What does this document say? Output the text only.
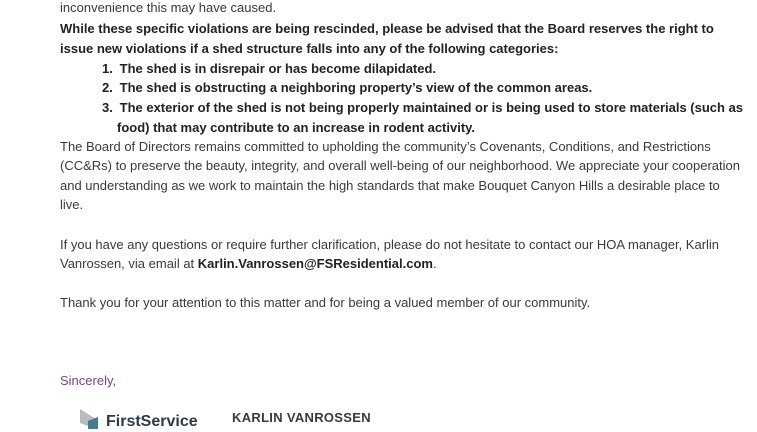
inconvenience this may have caused.
While these specific violations are being rescinded, please be advised that the Board reserves the right to
issue new violations if a shed structure falls into any of the following categories:
1. The shed is in disrepair or has become dilapidated.
2. The shed is obstructing a neighboring property’s view of the common areas.
3. The exterior of the shed is not being properly maintained or is being used to store materials (such as
food) that may contribute to an increase in rodent activity.
The Board of Directors remains committed to upholding the community’s Covenants, Conditions, and Restrictions
(CC&Rs) to preserve the beauty, integrity, and overall well-being of our neighborhood. We appreciate your cooperation
and understanding as we work to maintain the high standards that make Bouquet Canyon Hills a desirable place to
live.
If you have any questions or require further clarification, please do not hesitate to contact our HOA manager, Karlin
Vanrossen, via email at Karlin.Vanrossen@FSResidential.com.
Thank you for your attention to this matter and for being a valued member of our community.
Sincerely,
FirstService	KARLIN VANROSSEN
